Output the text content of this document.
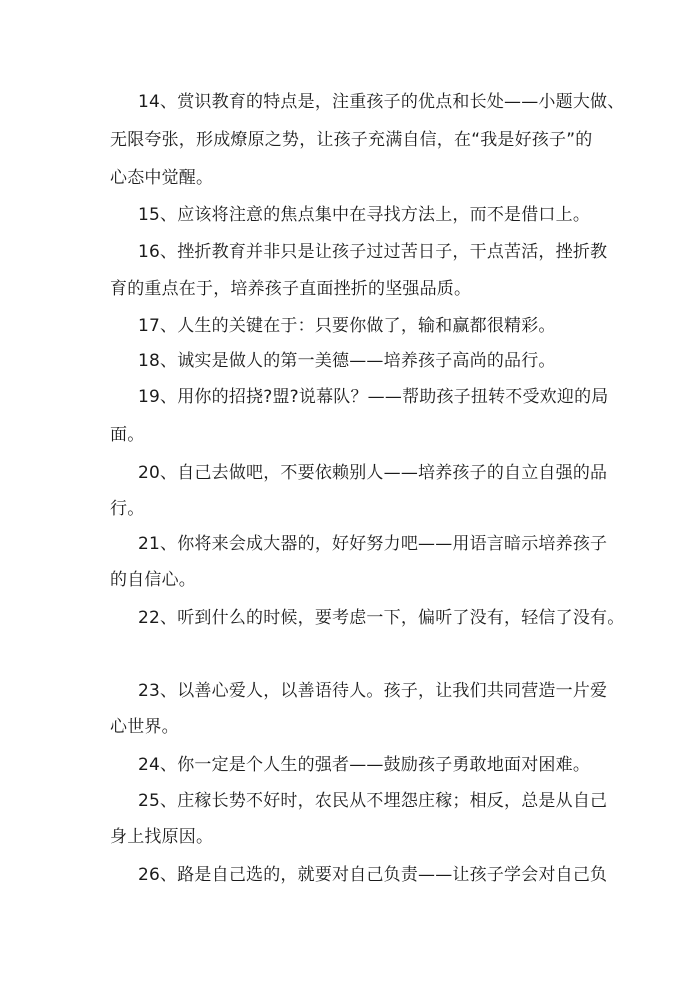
14、赏识教育的特点是，注重孩子的优点和长处——小题大做、
无限夸张，形成燎原之势，让孩子充满自信，在“我是好孩子”的
心态中觉醒。
15、应该将注意的焦点集中在寻找方法上，而不是借口上。
16、挫折教育并非只是让孩子过过苦日子，干点苦活，挫折教
育的重点在于，培养孩子直面挫折的坚强品质。
17、人生的关键在于：只要你做了，输和赢都很精彩。
18、诚实是做人的第一美德——培养孩子高尚的品行。
19、用你的招挠?盟?说幕队？——帮助孩子扭转不受欢迎的局
面。
20、自己去做吧，不要依赖别人——培养孩子的自立自强的品
行。
21、你将来会成大器的，好好努力吧——用语言暗示培养孩子
的自信心。
22、听到什么的时候，要考虑一下，偏听了没有，轻信了没有。
23、以善心爱人，以善语待人。孩子，让我们共同营造一片爱
心世界。
24、你一定是个人生的强者——鼓励孩子勇敢地面对困难。
25、庄稼长势不好时，农民从不埋怨庄稼；相反，总是从自己
身上找原因。
26、路是自己选的，就要对自己负责——让孩子学会对自己负
